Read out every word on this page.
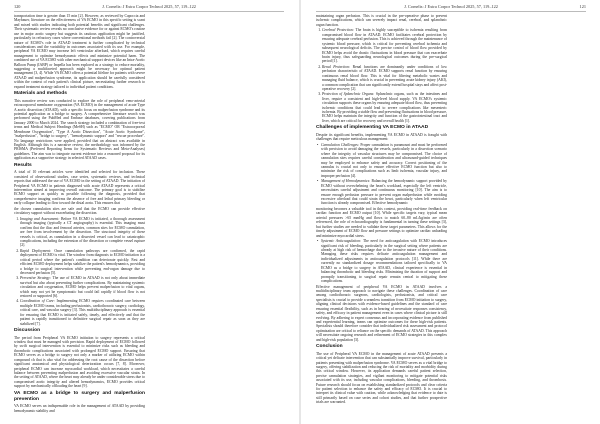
J. Cornelis: J Extra Corpor Technol 2025, 57, 119–122
120

transportation time is greater than 15 min [2]. However, as reviewed by Capoccia and Maybauer, literature on the effectiveness of VA ECMO in this specific setting is scant and mixed with studies indicating both potential benefits and significant challenges. Their systematic review reveals no conclusive evidence for or against ECMO's routine use in major aortic surgery but suggests its cautious application might be justified, particularly in refractory cases where conventional methods fail [2]. The controversial nature of ECMO's role in ATAAD treatment is further complicated by technical considerations and the variability in outcomes associated with its use. For example, peripheral VA ECMO may increase left ventricular afterload, which requires careful management to optimize hemodynamic effects and minimize potential harm. The combined use of VA ECMO with other mechanical support devices like an Intra-Aortic Balloon Pump (IABP) or Impella has been explored as a strategy to reduce mortality, suggesting a multifaceted approach might be necessary for optimal patient management [3, 4]. While VA ECMO offers a potential lifeline for patients with severe ATAAD and malperfusion syndrome, its application should be carefully considered within the context of each patient's clinical picture, necessitating further research to expand treatment strategy tailored to individual patient conditions.

Materials and methods

This narrative review was conducted to explore the role of peripheral veno-arterial extracorporeal membrane oxygenation (VA ECMO) in the management of acute Type A aortic dissection (ATAAD), with a specific focus on malperfusion syndrome and its potential application as a bridge to surgery. A comprehensive literature search was performed using the PubMed and Embase databases, covering publications from January 2000 to March 2024. The search strategy included a combination of free-text terms and Medical Subject Headings (MeSH) such as "ECMO" OR "Extracorporeal Membrane Oxygenation", "Type A Aortic Dissection", "Acute Aortic Syndrome", "malperfusion", "bridge to surgery", "hemodynamic support" and "rescue procedure". No language restrictions were applied, provided that an abstract was available in English. Although this is a narrative review, the methodology was informed by the PRISMA (Preferred Reporting Items for Systematic Reviews and Meta-Analyses) guidelines. The aim was to integrate current evidence into a reasoned proposal for its application as a supportive strategy in selected ATAAD cases.

Results

A total of 10 relevant articles were identified and selected for inclusion. These consisted of observational studies, case series, systematic reviews, and technical reports that addressed the use of VA ECMO in the setting of ATAAD. The initiation of Peripheral VA ECMO in patients diagnosed with acute ATAAD represents a critical intervention aimed at improving overall outcome. The primary goal is to stabilize ECMO support as quickly as possible following the diagnosis, provided that comprehensive imaging confirms the absence of free and lethal primary bleeding or early collapse leading to flow toward the distal aorta. This ensures that

the chosen cannulation sites are safe and that the ECMO can provide effective circulatory support without exacerbating the dissection.

1. Imaging and Assessment: Before VA ECMO is initiated, a thorough assessment through imaging (typically a CT angiography) is essential. This imaging must confirm that the iliac and femoral arteries, common sites for ECMO cannulation, are free from involvement by the dissection. The structural integrity of these vessels is critical, as cannulation in a dissected vessel can lead to catastrophic complications, including the extension of the dissection or complete vessel rupture [2].
2. Rapid Deployment: Once cannulation pathways are confirmed, the rapid deployment of ECMO is vital. The window from diagnosis to ECMO initiation is a critical period where the patient's condition can deteriorate quickly. Fast and efficient ECMO deployment helps stabilize the patient's hemodynamics, providing a bridge to surgical intervention while preventing end-organ damage due to decreased perfusion [5].
3. Preventive Strategy: The use of ECMO in ATAAD is not only about immediate survival but also about preventing further complications. By maintaining systemic circulation and oxygenation, ECMO helps prevent malperfusion to vital organs, which may not yet be symptomatic but could fail rapidly if blood flow is not restored or supported [6].
4. Coordination of Care: Implementing ECMO requires coordinated care between multiple ECMO teams, including perfusionists, cardiothoracic surgery, cardiology, critical care, and vascular surgery [3]. This multidisciplinary approach is essential for ensuring that ECMO is initiated safely, timely, and effectively and that the patient is rapidly transitioned to definitive surgical repair as soon as they are stabilized [7].
Discussion

The period from Peripheral VA ECMO initiation to surgery represents a critical window that must be managed with precision. Rapid deployment of ECMO followed by swift surgical intervention is essential to minimize risks such as bleeding and thrombotic complications associated with prolonged ECMO support. Ensuring that ECMO serves as a bridge to surgery not only a marker of utilizing ECMO within compound ch that is also vital for addressing the root cause of the dissection before significant anatomical and physiological deterioration occurs [7, 8]. Moreover, peripheral ECMO can increase myocardial workload, which necessitates a careful balance between preventing malperfusion and avoiding excessive vascular strain. In the setting of ATAAD, where the heart may already be under considerable stress due to compromised aortic integrity and altered hemodynamics, ECMO provides critical support by mechanically offloading the heart [9].

VA ECMO as a bridge to surgery and malperfusion prevention

VA ECMO serves an indispensable role in the management of ATAAD by providing hemodynamic stability and

J. Cornelis: J Extra Corpor Technol 2025, 57, 119–122	121

maintaining organ perfusion. This is crucial in the pre-operative phase to prevent ischemic complications, which can severely impact renal, cerebral, and splanchnic organ function.

1. Cerebral Protection: The brain is highly susceptible to ischemia resulting from compromised blood flow in ATAAD. ECMO facilitates cerebral protection by ensuring adequate cerebral perfusion. This is achieved through the maintenance of systemic blood pressure, which is critical for preventing cerebral ischemia and subsequent neurological deficits. The precise control of blood flow provided by ECMO helps avoid the drastic fluctuations in blood pressure that can exacerbate brain injury, thus safeguarding neurological outcomes during the pre-surgical period [1].
2. Renal Protection: Renal functions are dominantly under conditions of low perfusion characteristic of ATAAD. ECMO supports renal function by ensuring continuous renal blood flow. This is vital for filtering metabolic wastes and managing fluid balance, which is crucial in preventing acute kidney injury (AKI), a common complication that can significantly extend hospital stays and affect post-operative recovery [2].
3. Protection of Splanchnic Organs: Splanchnic organs, such as the intestines and liver, require a consistent and high-level blood supply. VA ECMO's systemic circulation supports these organs by ensuring adequate blood flow, thus preventing ischemic conditions that could lead to severe complications like mesenteric ischemia. By providing a stable flow and preventing fluctuations in blood pressure, ECMO helps maintain the integrity and function of the gastrointestinal tract and liver, which are critical for recovery and overall health [1].
Challenges of implementing VA ECMO in ATAAD

Despite its significant benefits, implementing VA ECMO in ATAAD is fraught with challenges that require meticulous management:

• Cannulation Challenges: Proper cannulation is paramount and must be performed with precision to avoid damaging the vessels, particularly in a dissection scenario where the integrity of vascular structures may be compromised. The choice of cannulation sites requires careful consideration and ultrasound-guided techniques may be employed to enhance safety and accuracy. Correct positioning of the cannulas is crucial not only to ensure effective ECMO function but also to minimize the risk of complications such as limb ischemia, vascular injury, and improper perfusion [4].
• Management of Hemodynamics: Balancing the hemodynamic support provided by ECMO without overwhelming the heart's workload, especially the left ventricle, necessitates careful adjustment and continuous monitoring [10]. The aim is to ensure enough perfusion pressure to prevent organ malperfusion while avoiding excessive afterload that could strain the heart, particularly when left ventricular function is already compromised. Effective hemodynamic

monitoring becomes a valuable tool in this context, providing real-time feedback on cardiac function and ECMO output [10]. While specific targets vary, typical mean arterial pressures >65 mmHg and flows to match 60–80 mL/kg/min are often referenced, the role of echocardiography is fundamental in turning these settings [3], but further studies are needed to validate these target parameters. This allows for the timely adjustment of ECMO flow and pressure settings to optimize cardiac unloading and minimize myocardial stress.

• Systemic Anticoagulation: The need for anticoagulation with ECMO introduces significant risk of bleeding, particularly in the surgical setting where patients are already at high risk of hemorrhage due to the invasive nature of their conditions. Managing these risks requires delicate anticoagulation management and individualized adjustments in anticoagulation protocols [11]. While there are currently no standardized dosage recommendations tailored specifically to VA ECMO as a bridge to surgery in ATAAD, clinical experience is essential in balancing thrombotic and bleeding risks. Minimizing the duration of support and promptly transitioning to surgical repair remain central to mitigating these complications.

Effective management of peripheral VA ECMO in ATAAD involves a multidisciplinary team approach to navigate these challenges. Coordination of care among cardiothoracic surgeons, cardiologists, perfusionists, and critical care specialists is crucial to provide a seamless transition from ECMO initiation to surgery, aligning clinical decisions with evidence-based guidelines and the standard of care ensuring essential flexibility, such as in bearing of necessitate responses consistency, safety, and efficacy in patient management even in cases where clinical picture is still evolving. By adhering to expert consensus and incorporating evidence from published and experiential learning, teams can optimize outcomes for these high-risk patients. Specialists should therefore consider that individualized risk assessment and protocol optimization are critical to reliance on the specific demands of ATAAD. This approach will necessitate ongoing research and refinement of ECMO strategies in this complex and high-risk population [3].

Conclusion

The use of Peripheral VA ECMO in the management of acute ATAAD presents a critical yet delicate intervention that can substantially improve survival, particularly in patients presenting with malperfusion syndrome. VA ECMO serves as a vital bridge to surgery, offering stabilization and reducing the risk of mortality and morbidity during this critical window. However, its application demands careful patient selection, precise cannulation strategies, and vigilant monitoring to mitigate potential risks associated with its use, including vascular complications, bleeding, and thrombosis. Future research should focus on establishing standardized protocols and clear criteria for patient selection to enhance the safety and efficacy of ECMO. It is crucial to interpret its clinical value with caution, while acknowledging that evidence to date is still primarily based on case series and cohort studies, and that further prospective trials are warranted.
